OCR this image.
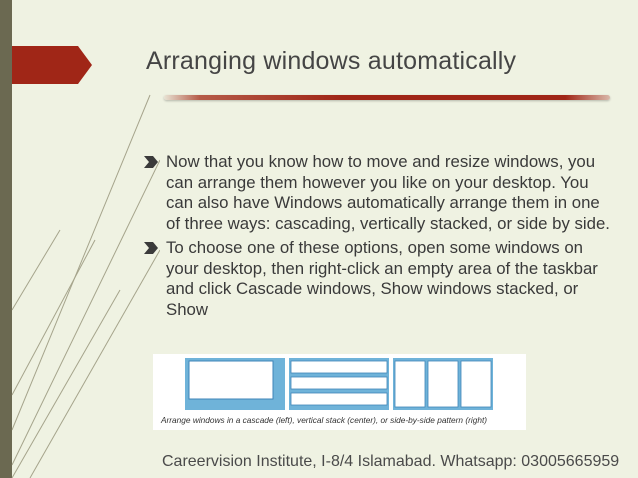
Arranging windows automatically
Now that you know how to move and resize windows, you can arrange them however you like on your desktop. You can also have Windows automatically arrange them in one of three ways: cascading, vertically stacked, or side by side.
To choose one of these options, open some windows on your desktop, then right-click an empty area of the taskbar and click Cascade windows, Show windows stacked, or Show
Arrange windows in a cascade (left), vertical stack (center), or side-by-side pattern (right)
Careervision Institute, I-8/4 Islamabad. Whatsapp: 03005665959
